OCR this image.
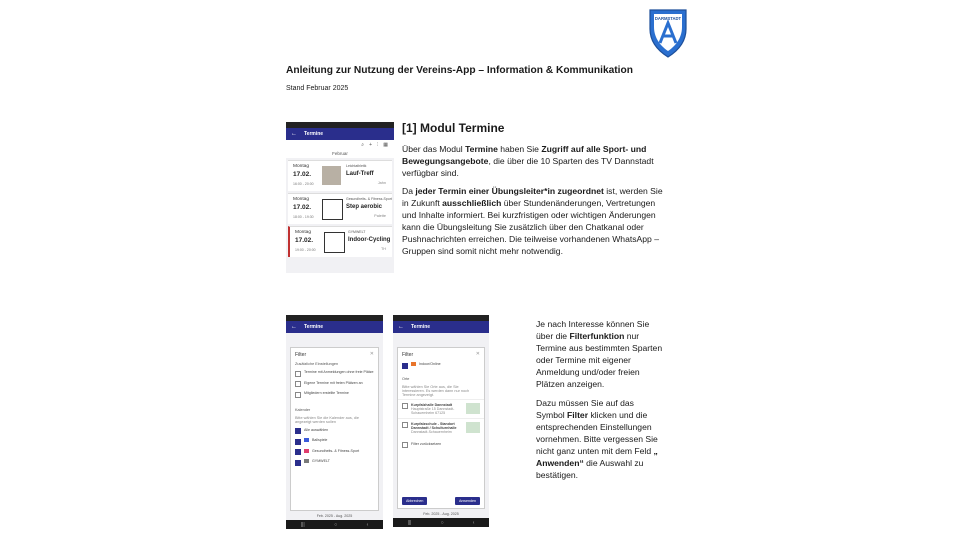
DARMSTADT
Anleitung zur Nutzung der Vereins-App – Information & Kommunikation
Stand Februar 2025
← Termine
⌕ + ⫶ ▦
Februar
Montag
17.02.
16:00 - 20:00
Leichtathletik
Lauf-Treff
Jahn
Montag
17.02.
18:00 - 19:30
Gesundheits- & Fitness-Sport
Step aerobic
Palette
Montag
17.02.
19:00 - 20:00
GYMWELT
Indoor-Cycling
TH
[1] Modul Termine

Über das Modul Termine haben Sie Zugriff auf alle Sport- und Bewegungsangebote, die über die 10 Sparten des TV Dannstadt verfügbar sind.

Da jeder Termin einer Übungsleiter*in zugeordnet ist, werden Sie in Zukunft ausschließlich über Stundenänderungen, Vertretungen und Inhalte informiert. Bei kurzfristigen oder wichtigen Änderungen kann die Übungsleitung Sie zusätzlich über den Chatkanal oder Pushnachrichten erreichen. Die teilweise vorhandenen WhatsApp – Gruppen sind somit nicht mehr notwendig.

← Termine
Filter	✕
Zusätzliche Einstellungen
Termine mit Anmeldungen ohne freie Plätze
Eigene Termine mit freien Plätzen an
Mitgliedern erstellte Termine
Kalender
Bitte wählen Sie die Kalender aus, die angezeigt werden sollen
Alle auswählen
Ballspiele
Gesundheits- & Fitness-Sport
GYMWELT
Feb. 2025 - Aug. 2025
|||	○	‹
← Termine
Filter	✕
Indoor/Online
Orte
Bitte wählen Sie Orte aus, die Sie interessieren. Es werden dann nur noch Termine angezeigt.
Kurpfalzhalle Dannstadt
Hauptstraße 15 Dannstadt-Schauernheim 67125
Kurpfalzschule - Standort Dannstadt / Schulturnhalle
Dannstadt-Schauernheim
Filter zurücksetzen
Abbrechen	Anwenden
Feb. 2025 - Aug. 2025
|||	○	‹

Je nach Interesse können Sie über die Filterfunktion nur Termine aus bestimmten Sparten oder Termine mit eigener Anmeldung und/oder freien Plätzen anzeigen.

Dazu müssen Sie auf das Symbol Filter klicken und die entsprechenden Einstellungen vornehmen. Bitte vergessen Sie nicht ganz unten mit dem Feld „ Anwenden“ die Auswahl zu bestätigen.
